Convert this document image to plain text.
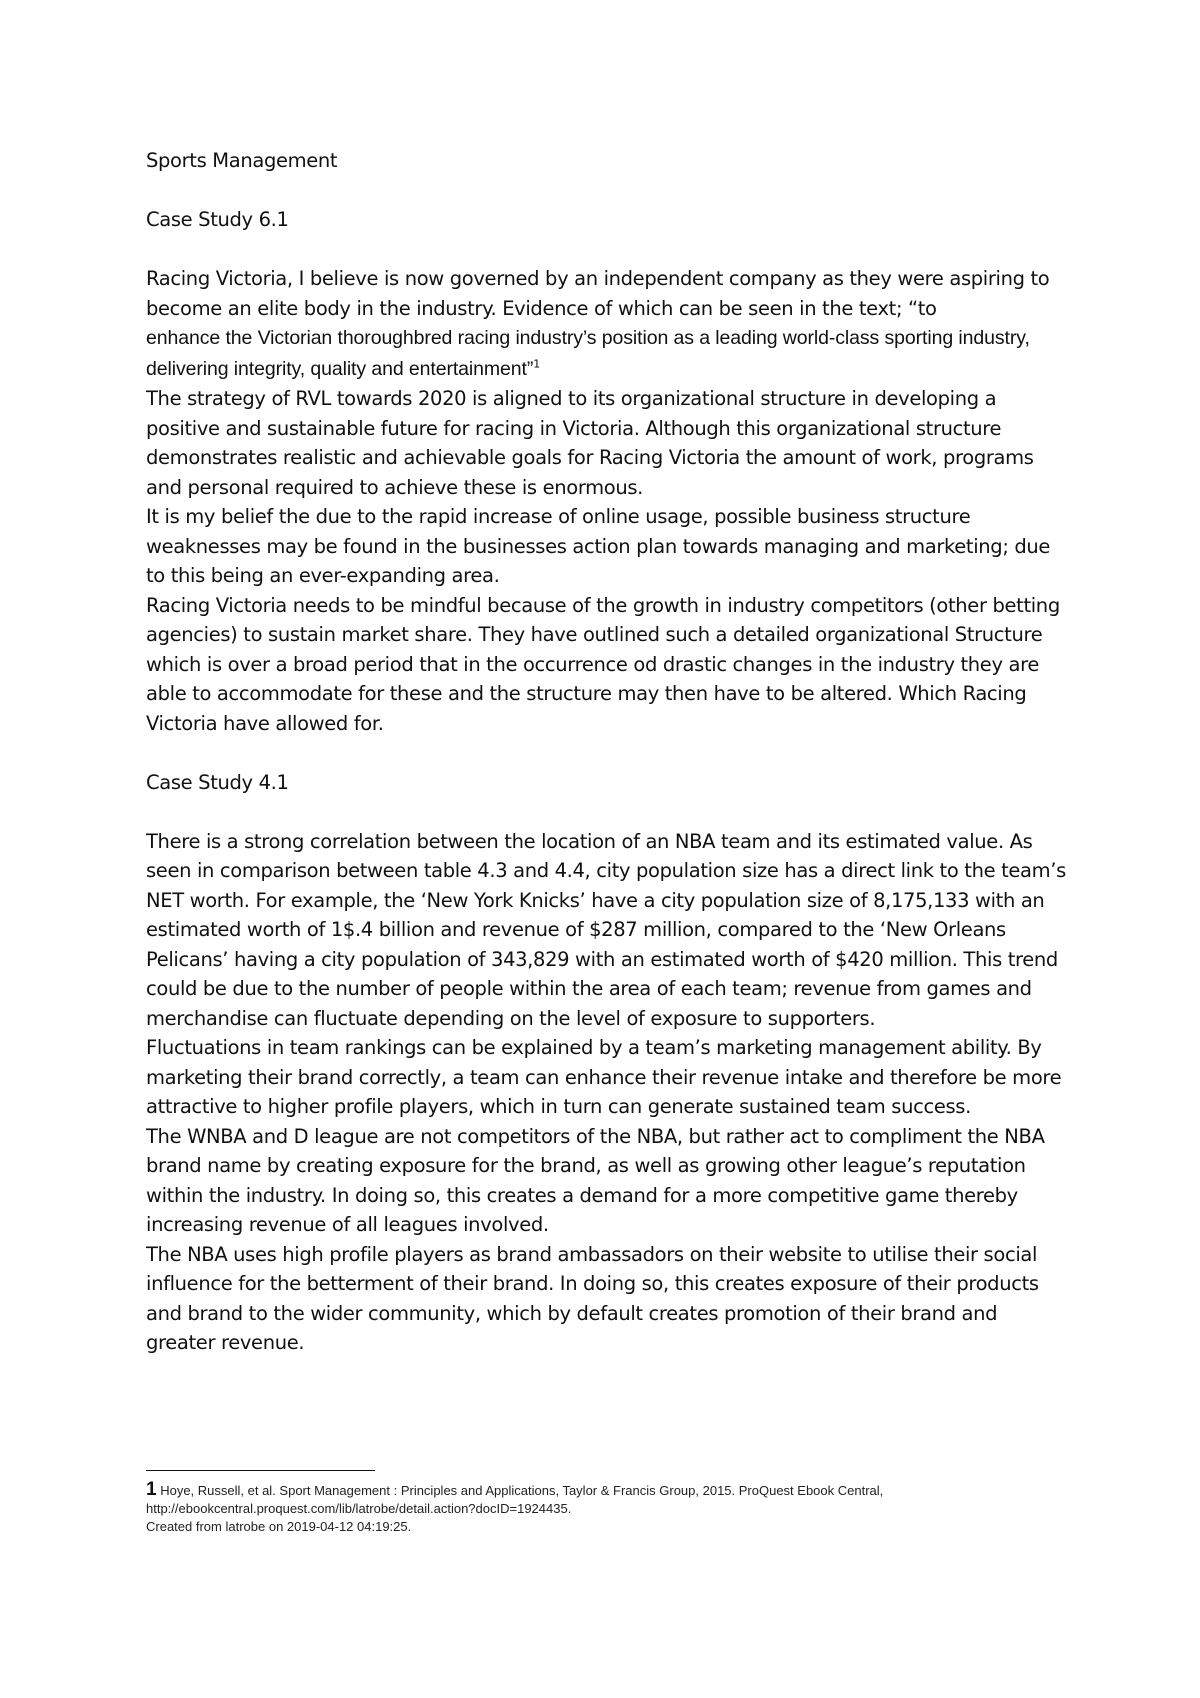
Sports Management

Case Study 6.1

Racing Victoria, I believe is now governed by an independent company as they were aspiring to become an elite body in the industry. Evidence of which can be seen in the text; “to
enhance the Victorian thoroughbred racing industry’s position as a leading world-class sporting industry, delivering integrity, quality and entertainment”$^1$

The strategy of RVL towards 2020 is aligned to its organizational structure in developing a positive and sustainable future for racing in Victoria. Although this organizational structure demonstrates realistic and achievable goals for Racing Victoria the amount of work, programs and personal required to achieve these is enormous.

It is my belief the due to the rapid increase of online usage, possible business structure weaknesses may be found in the businesses action plan towards managing and marketing; due to this being an ever-expanding area.

Racing Victoria needs to be mindful because of the growth in industry competitors (other betting agencies) to sustain market share. They have outlined such a detailed organizational Structure which is over a broad period that in the occurrence od drastic changes in the industry they are able to accommodate for these and the structure may then have to be altered. Which Racing Victoria have allowed for.

Case Study 4.1

There is a strong correlation between the location of an NBA team and its estimated value. As seen in comparison between table 4.3 and 4.4, city population size has a direct link to the team’s NET worth. For example, the ‘New York Knicks’ have a city population size of 8,175,133 with an estimated worth of 1$.4 billion and revenue of $287 million, compared to the ‘New Orleans Pelicans’ having a city population of 343,829 with an estimated worth of $420 million. This trend could be due to the number of people within the area of each team; revenue from games and merchandise can fluctuate depending on the level of exposure to supporters.

Fluctuations in team rankings can be explained by a team’s marketing management ability. By marketing their brand correctly, a team can enhance their revenue intake and therefore be more attractive to higher profile players, which in turn can generate sustained team success.

The WNBA and D league are not competitors of the NBA, but rather act to compliment the NBA brand name by creating exposure for the brand, as well as growing other league’s reputation within the industry. In doing so, this creates a demand for a more competitive game thereby increasing revenue of all leagues involved.

The NBA uses high profile players as brand ambassadors on their website to utilise their social influence for the betterment of their brand. In doing so, this creates exposure of their products and brand to the wider community, which by default creates promotion of their brand and greater revenue.

1 Hoye, Russell, et al. Sport Management : Principles and Applications, Taylor & Francis Group, 2015. ProQuest Ebook Central, http://ebookcentral.proquest.com/lib/latrobe/detail.action?docID=1924435.

Created from latrobe on 2019-04-12 04:19:25.
